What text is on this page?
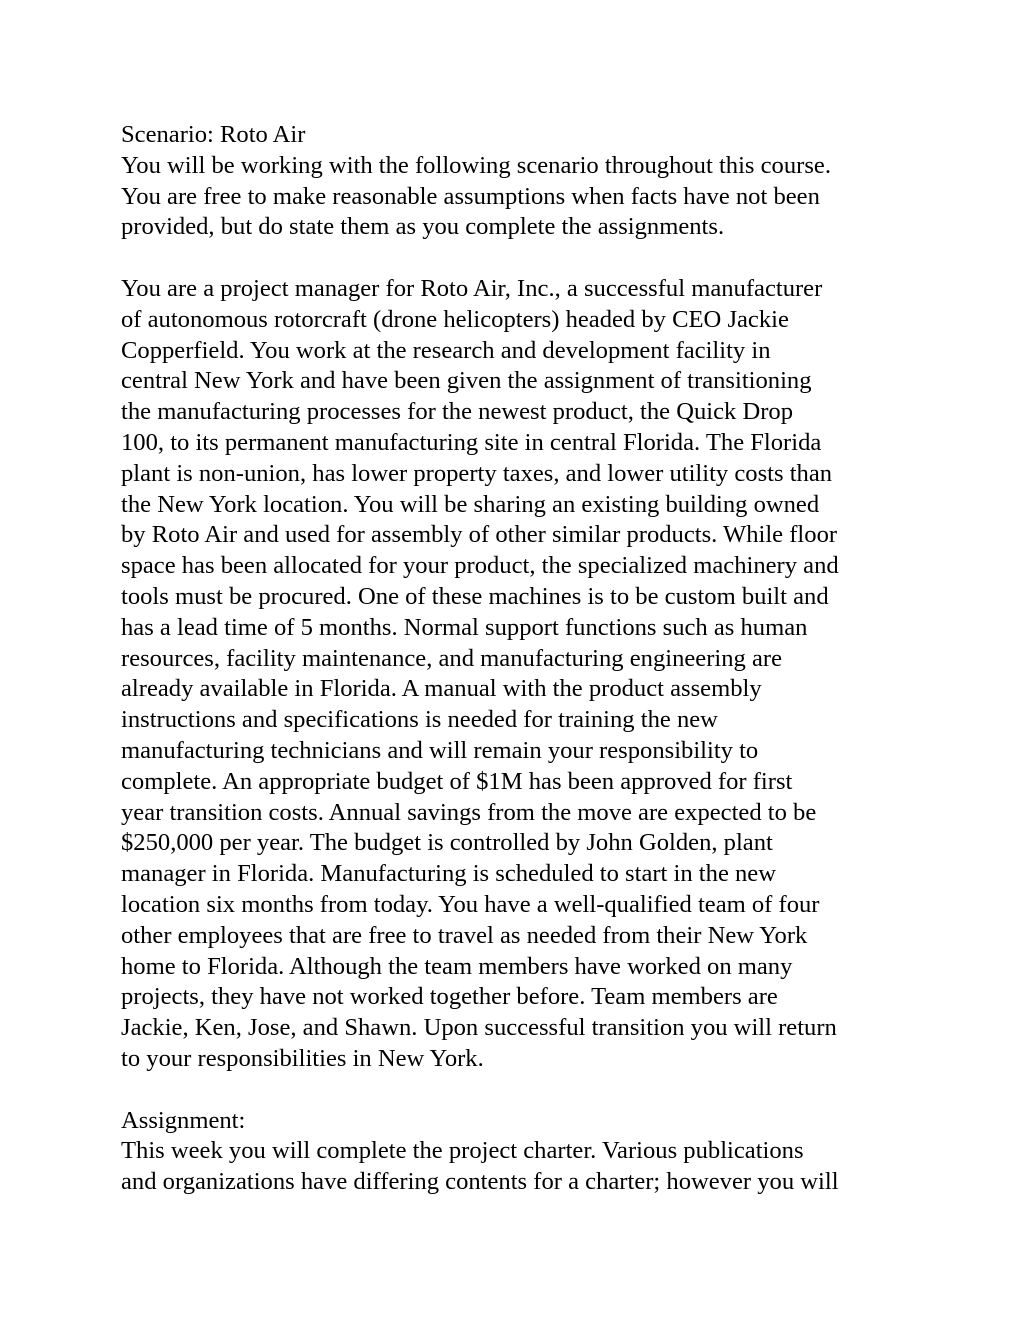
Scenario: Roto Air
You will be working with the following scenario throughout this course.
You are free to make reasonable assumptions when facts have not been
provided, but do state them as you complete the assignments.
You are a project manager for Roto Air, Inc., a successful manufacturer
of autonomous rotorcraft (drone helicopters) headed by CEO Jackie
Copperfield. You work at the research and development facility in
central New York and have been given the assignment of transitioning
the manufacturing processes for the newest product, the Quick Drop
100, to its permanent manufacturing site in central Florida. The Florida
plant is non-union, has lower property taxes, and lower utility costs than
the New York location. You will be sharing an existing building owned
by Roto Air and used for assembly of other similar products. While floor
space has been allocated for your product, the specialized machinery and
tools must be procured. One of these machines is to be custom built and
has a lead time of 5 months. Normal support functions such as human
resources, facility maintenance, and manufacturing engineering are
already available in Florida. A manual with the product assembly
instructions and specifications is needed for training the new
manufacturing technicians and will remain your responsibility to
complete. An appropriate budget of $1M has been approved for first
year transition costs. Annual savings from the move are expected to be
$250,000 per year. The budget is controlled by John Golden, plant
manager in Florida. Manufacturing is scheduled to start in the new
location six months from today. You have a well-qualified team of four
other employees that are free to travel as needed from their New York
home to Florida. Although the team members have worked on many
projects, they have not worked together before. Team members are
Jackie, Ken, Jose, and Shawn. Upon successful transition you will return
to your responsibilities in New York.
Assignment:
This week you will complete the project charter. Various publications
and organizations have differing contents for a charter; however you will
